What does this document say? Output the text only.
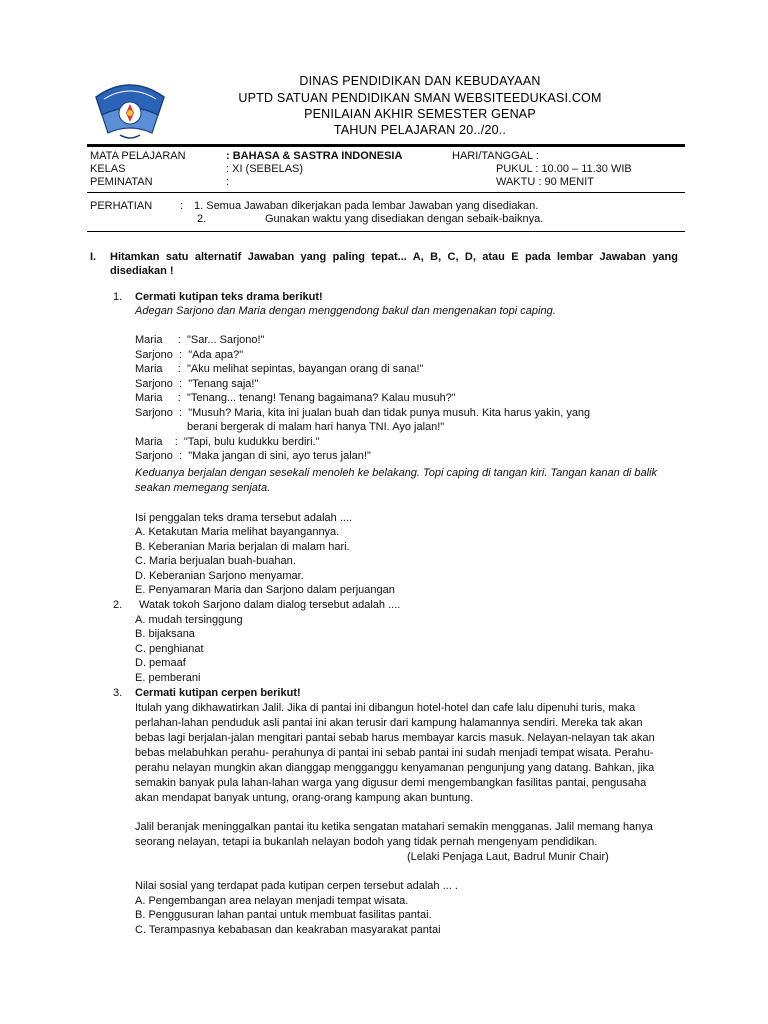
DINAS PENDIDIKAN DAN KEBUDAYAAN
UPTD SATUAN PENDIDIKAN SMAN WEBSITEEDUKASI.COM
PENILAIAN AKHIR SEMESTER GENAP
TAHUN PELAJARAN 20../20..
MATA PELAJARAN	: BAHASA & SASTRA INDONESIA	HARI/TANGGAL :
KELAS	: XI (SEBELAS)	PUKUL : 10.00 – 11.30 WIB
PEMINATAN	:	WAKTU : 90 MENIT
PERHATIAN	: 1. Semua Jawaban dikerjakan pada lembar Jawaban yang disediakan.
2.	Gunakan waktu yang disediakan dengan sebaik-baiknya.
I. Hitamkan satu alternatif Jawaban yang paling tepat... A, B, C, D, atau E pada lembar Jawaban yang
disediakan !
1. Cermati kutipan teks drama berikut!
Adegan Sarjono dan Maria dengan menggendong bakul dan mengenakan topi caping.
Maria     :  "Sar... Sarjono!"
Sarjono  :  "Ada apa?"
Maria     :  "Aku melihat sepintas, bayangan orang di sana!"
Sarjono  :  "Tenang saja!"
Maria     :  "Tenang... tenang! Tenang bagaimana? Kalau musuh?"
Sarjono  :  "Musuh? Maria, kita ini jualan buah dan tidak punya musuh. Kita harus yakin, yang
berani bergerak di malam hari hanya TNI. Ayo jalan!"
Maria    :  "Tapi, bulu kudukku berdiri."
Sarjono  :  "Maka jangan di sini, ayo terus jalan!"
Keduanya berjalan dengan sesekali menoleh ke belakang. Topi caping di tangan kiri. Tangan kanan di balik
seakan memegang senjata.
Isi penggalan teks drama tersebut adalah ....
A. Ketakutan Maria melihat bayangannya.
B. Keberanian Maria berjalan di malam hari.
C. Maria berjualan buah-buahan.
D. Keberanian Sarjono menyamar.
E. Penyamaran Maria dan Sarjono dalam perjuangan
2. Watak tokoh Sarjono dalam dialog tersebut adalah ....
A. mudah tersinggung
B. bijaksana
C. penghianat
D. pemaaf
E. pemberani
3. Cermati kutipan cerpen berikut!
Itulah yang dikhawatirkan Jalil. Jika di pantai ini dibangun hotel-hotel dan cafe lalu dipenuhi turis, maka
perlahan-lahan penduduk asli pantai ini akan terusir dari kampung halamannya sendiri. Mereka tak akan
bebas lagi berjalan-jalan mengitari pantai sebab harus membayar karcis masuk. Nelayan-nelayan tak akan
bebas melabuhkan perahu- perahunya di pantai ini sebab pantai ini sudah menjadi tempat wisata. Perahu-
perahu nelayan mungkin akan dianggap mengganggu kenyamanan pengunjung yang datang. Bahkan, jika
semakin banyak pula lahan-lahan warga yang digusur demi mengembangkan fasilitas pantai, pengusaha
akan mendapat banyak untung, orang-orang kampung akan buntung.
Jalil beranjak meninggalkan pantai itu ketika sengatan matahari semakin mengganas. Jalil memang hanya
seorang nelayan, tetapi ia bukanlah nelayan bodoh yang tidak pernah mengenyam pendidikan.
(Lelaki Penjaga Laut, Badrul Munir Chair)
Nilai sosial yang terdapat pada kutipan cerpen tersebut adalah ... .
A. Pengembangan area nelayan menjadi tempat wisata.
B. Penggusuran lahan pantai untuk membuat fasilitas pantai.
C. Terampasnya kebabasan dan keakraban masyarakat pantai
